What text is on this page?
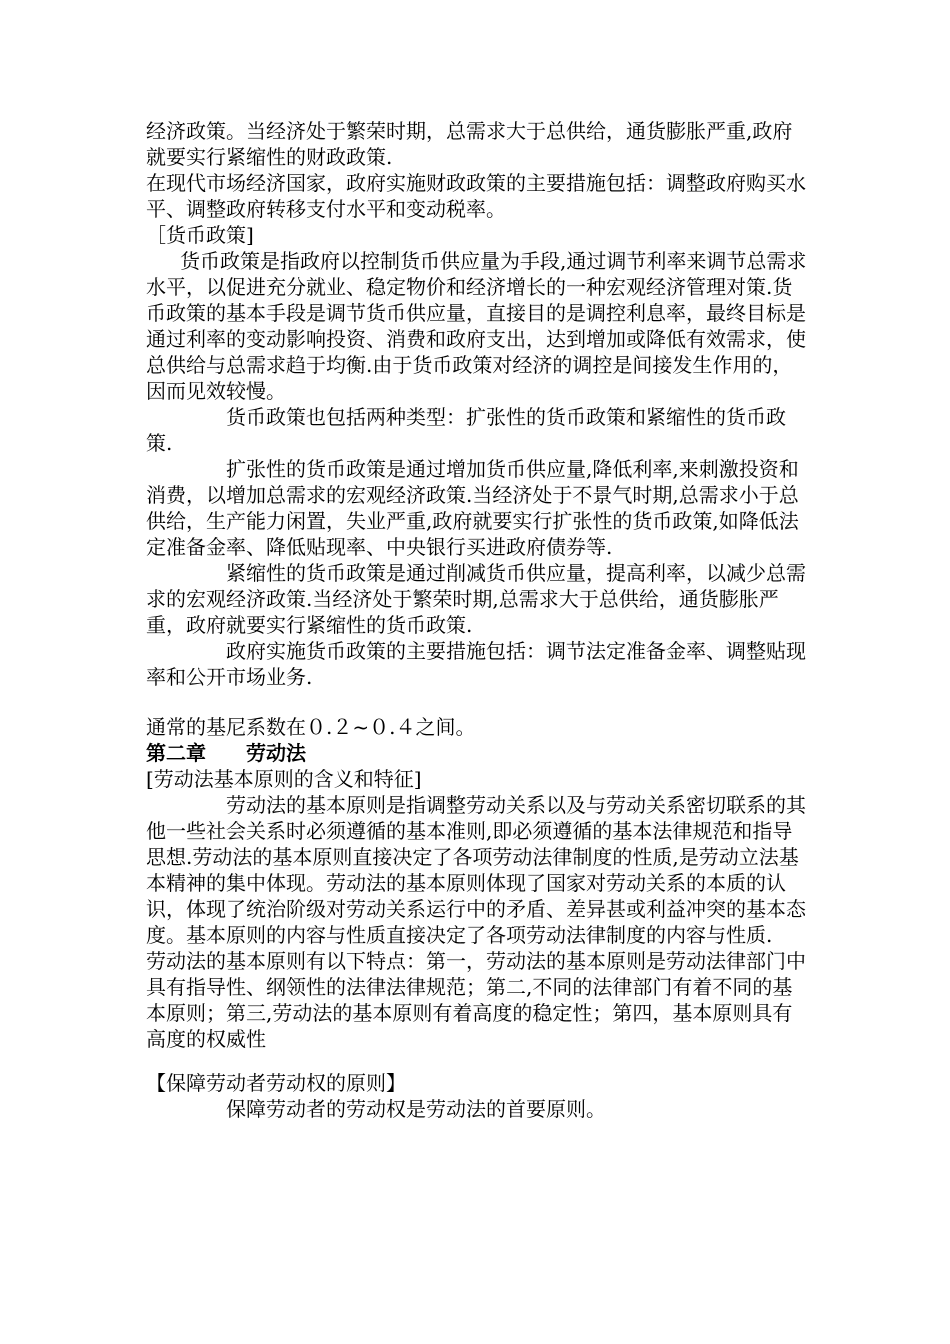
经济政策。当经济处于繁荣时期，总需求大于总供给，通货膨胀严重,政府就要实行紧缩性的财政政策.

在现代市场经济国家，政府实施财政政策的主要措施包括：调整政府购买水平、调整政府转移支付水平和变动税率。

［货币政策]

货币政策是指政府以控制货币供应量为手段,通过调节利率来调节总需求水平，以促进充分就业、稳定物价和经济增长的一种宏观经济管理对策.货币政策的基本手段是调节货币供应量，直接目的是调控利息率，最终目标是通过利率的变动影响投资、消费和政府支出，达到增加或降低有效需求，使总供给与总需求趋于均衡.由于货币政策对经济的调控是间接发生作用的，因而见效较慢。

货币政策也包括两种类型：扩张性的货币政策和紧缩性的货币政策.

扩张性的货币政策是通过增加货币供应量,降低利率,来刺激投资和消费，以增加总需求的宏观经济政策.当经济处于不景气时期,总需求小于总供给，生产能力闲置，失业严重,政府就要实行扩张性的货币政策,如降低法定准备金率、降低贴现率、中央银行买进政府债券等.

紧缩性的货币政策是通过削减货币供应量，提高利率，以减少总需求的宏观经济政策.当经济处于繁荣时期,总需求大于总供给，通货膨胀严重，政府就要实行紧缩性的货币政策.

政府实施货币政策的主要措施包括：调节法定准备金率、调整贴现率和公开市场业务.

通常的基尼系数在０.２~０.４之间。

第二章　　劳动法

[劳动法基本原则的含义和特征]

劳动法的基本原则是指调整劳动关系以及与劳动关系密切联系的其他一些社会关系时必须遵循的基本准则,即必须遵循的基本法律规范和指导思想.劳动法的基本原则直接决定了各项劳动法律制度的性质,是劳动立法基本精神的集中体现。劳动法的基本原则体现了国家对劳动关系的本质的认识，体现了统治阶级对劳动关系运行中的矛盾、差异甚或利益冲突的基本态度。基本原则的内容与性质直接决定了各项劳动法律制度的内容与性质.

劳动法的基本原则有以下特点：第一，劳动法的基本原则是劳动法律部门中具有指导性、纲领性的法律法律规范；第二,不同的法律部门有着不同的基本原则；第三,劳动法的基本原则有着高度的稳定性；第四，基本原则具有高度的权威性

【保障劳动者劳动权的原则】

保障劳动者的劳动权是劳动法的首要原则。
